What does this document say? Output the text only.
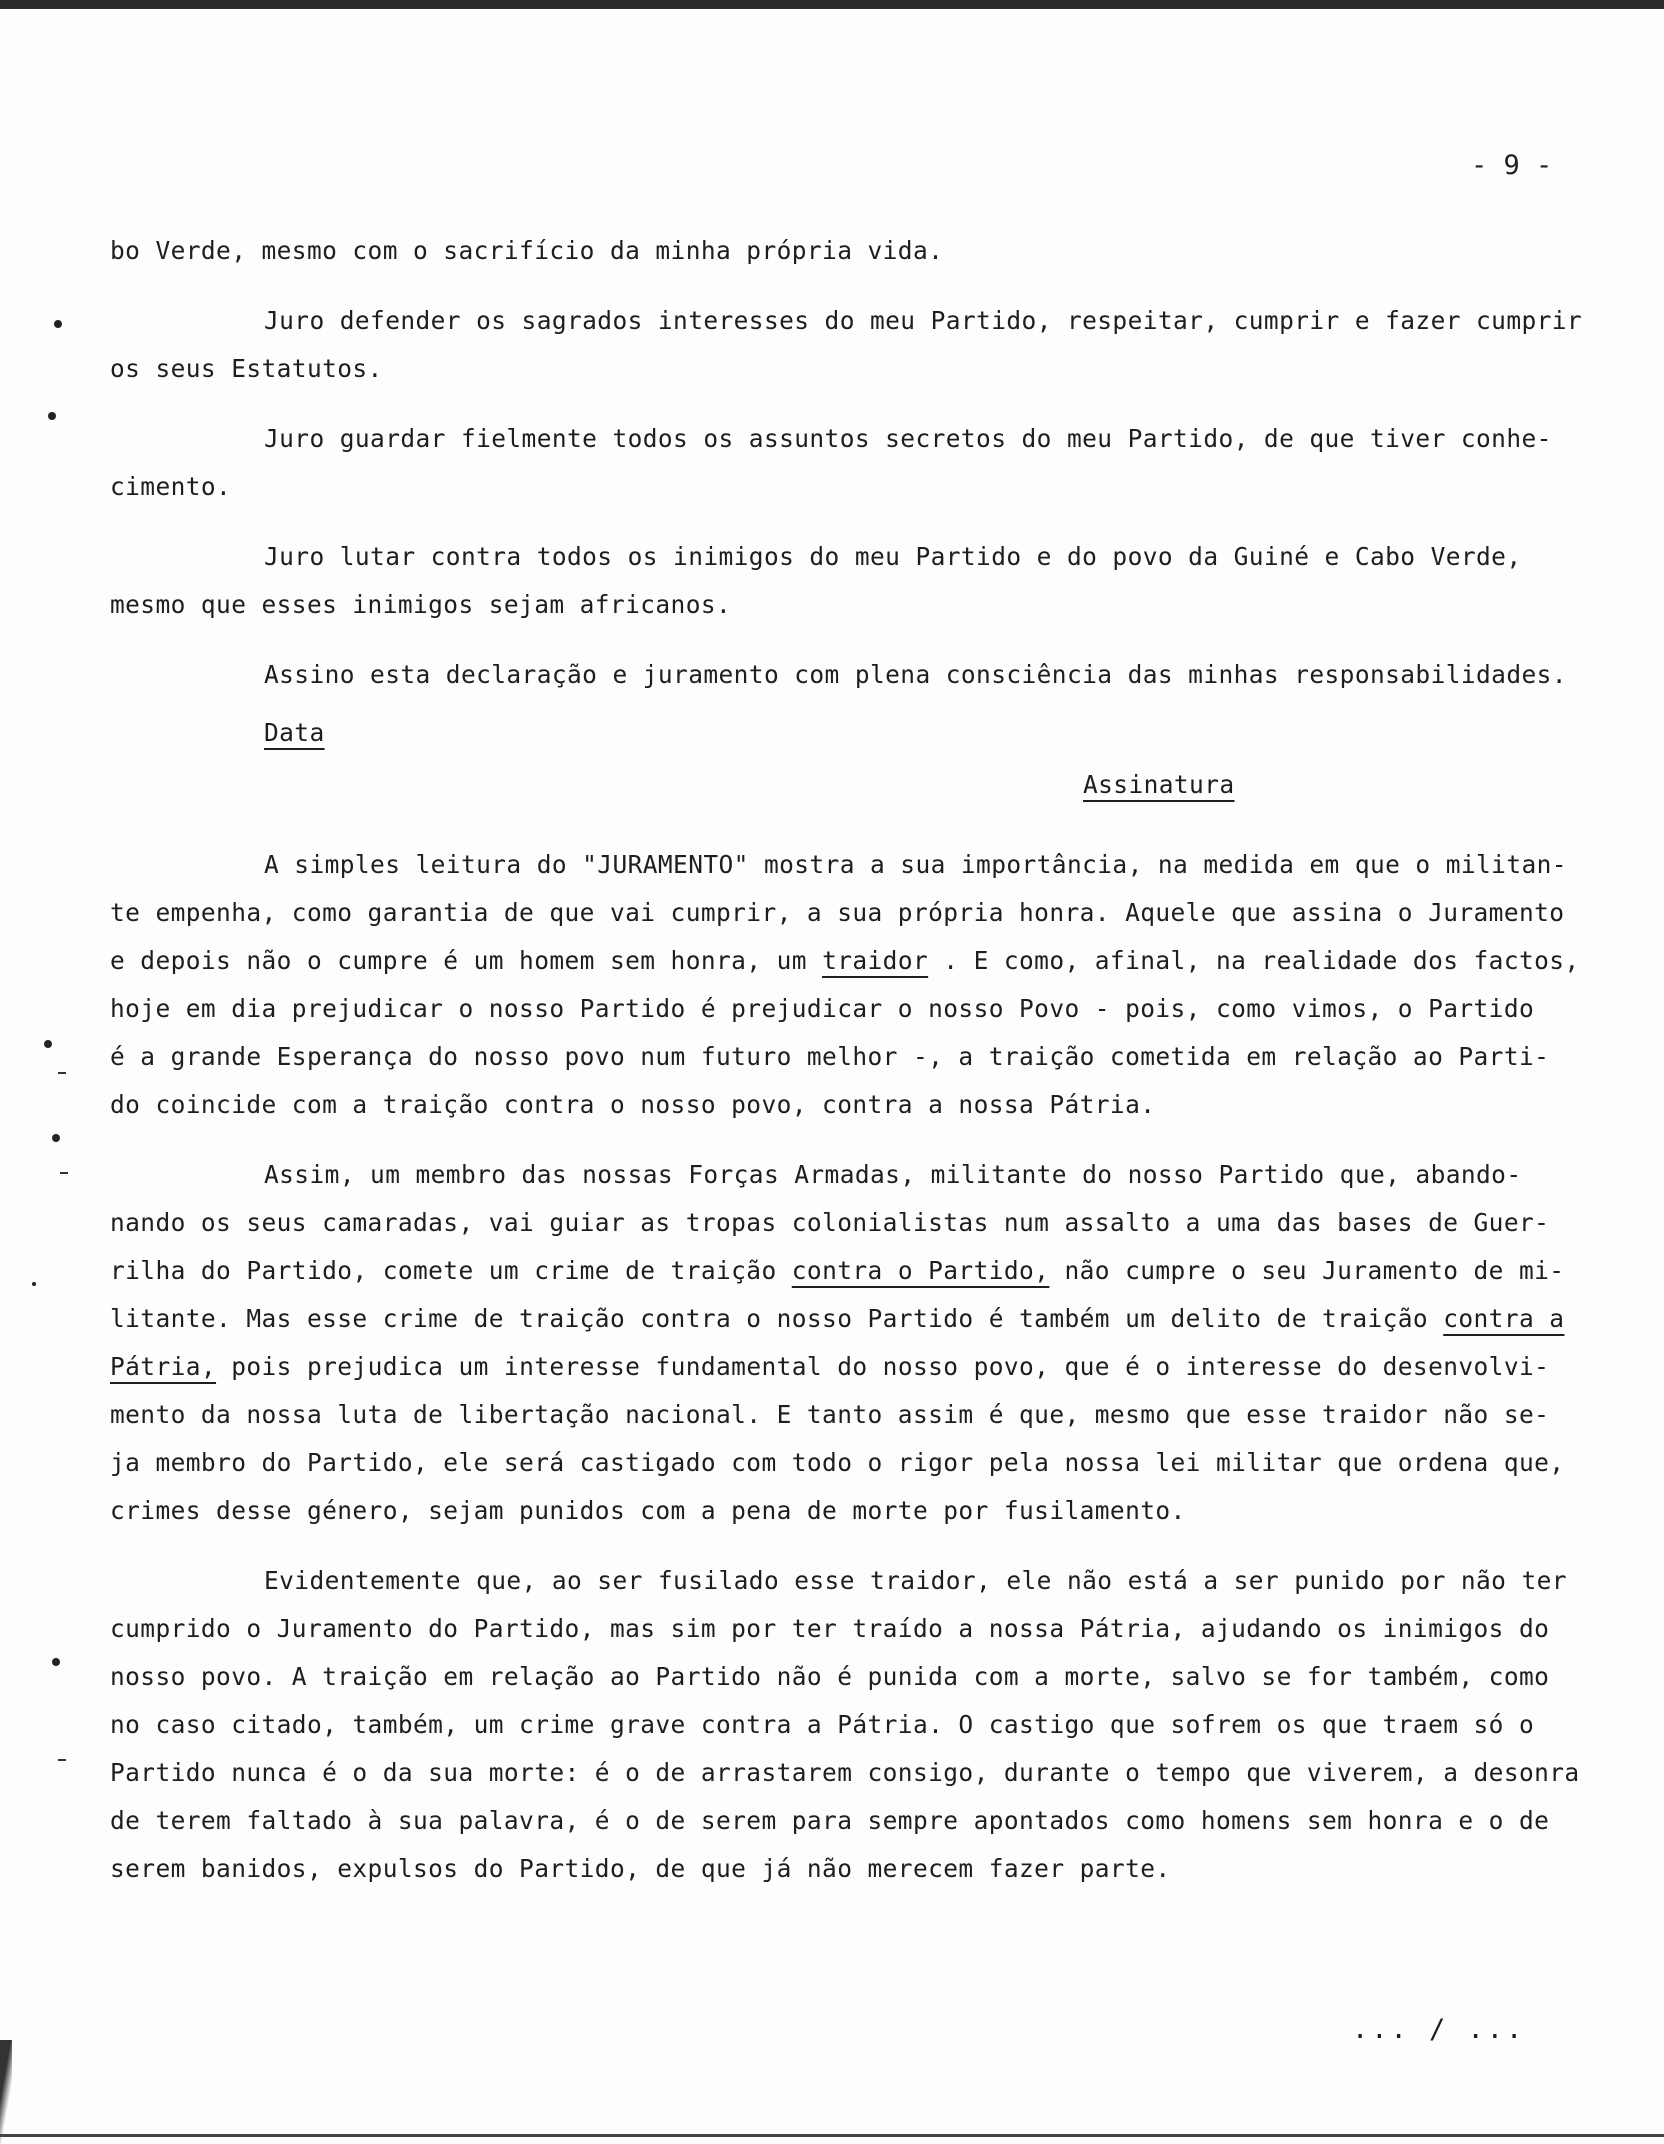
- 9 -

bo Verde, mesmo com o sacrifício da minha própria vida.

Juro defender os sagrados interesses do meu Partido, respeitar, cumprir e fazer cumprir

os seus Estatutos.

Juro guardar fielmente todos os assuntos secretos do meu Partido, de que tiver conhe-

cimento.

Juro lutar contra todos os inimigos do meu Partido e do povo da Guiné e Cabo Verde,

mesmo que esses inimigos sejam africanos.

Assino esta declaração e juramento com plena consciência das minhas responsabilidades.

Data

Assinatura

A simples leitura do "JURAMENTO" mostra a sua importância, na medida em que o militan-

te empenha, como garantia de que vai cumprir, a sua própria honra. Aquele que assina o Juramento

e depois não o cumpre é um homem sem honra, um traidor . E como, afinal, na realidade dos factos,

hoje em dia prejudicar o nosso Partido é prejudicar o nosso Povo - pois, como vimos, o Partido

é a grande Esperança do nosso povo num futuro melhor -, a traição cometida em relação ao Parti-

do coincide com a traição contra o nosso povo, contra a nossa Pátria.

Assim, um membro das nossas Forças Armadas, militante do nosso Partido que, abando-

nando os seus camaradas, vai guiar as tropas colonialistas num assalto a uma das bases de Guer-

rilha do Partido, comete um crime de traição contra o Partido, não cumpre o seu Juramento de mi-

litante. Mas esse crime de traição contra o nosso Partido é também um delito de traição contra a

Pátria, pois prejudica um interesse fundamental do nosso povo, que é o interesse do desenvolvi-

mento da nossa luta de libertação nacional. E tanto assim é que, mesmo que esse traidor não se-

ja membro do Partido, ele será castigado com todo o rigor pela nossa lei militar que ordena que,

crimes desse género, sejam punidos com a pena de morte por fusilamento.

Evidentemente que, ao ser fusilado esse traidor, ele não está a ser punido por não ter

cumprido o Juramento do Partido, mas sim por ter traído a nossa Pátria, ajudando os inimigos do

nosso povo. A traição em relação ao Partido não é punida com a morte, salvo se for também, como

no caso citado, também, um crime grave contra a Pátria. O castigo que sofrem os que traem só o

Partido nunca é o da sua morte: é o de arrastarem consigo, durante o tempo que viverem, a desonra

de terem faltado à sua palavra, é o de serem para sempre apontados como homens sem honra e o de

serem banidos, expulsos do Partido, de que já não merecem fazer parte.

... / ...
